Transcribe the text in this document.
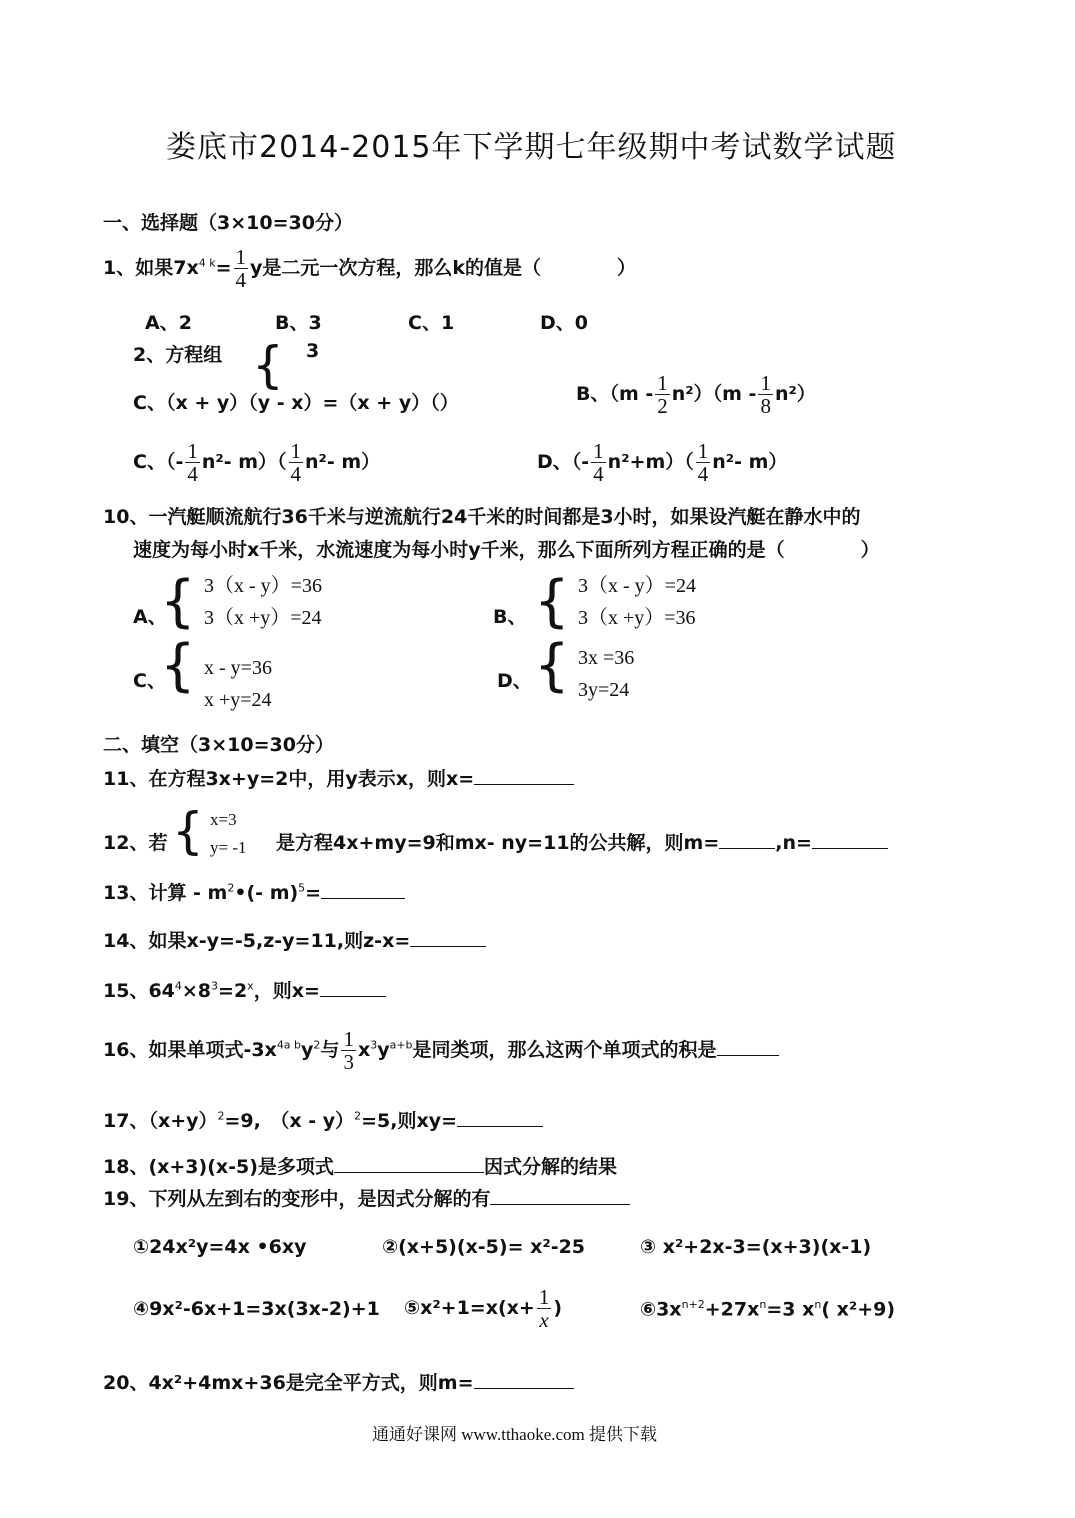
娄底市2014-2015年下学期七年级期中考试数学试题
一、选择题（3×10=30分）
1、如果$7x^{4 k}= \frac{1}{4}$ y是二元一次方程，那么k的值是（　　　　）
A、2	B、3	C、1	D、0
2、方程组 { 3
C、（x + y）（y - x）=（x + y）（）	B、$(m - \frac{1}{2} n^2)(m - \frac{1}{8} n^2)$
C、（- $\frac{1}{4} n^2-$ $m)( \frac{1}{4} n^2-$ m）	D、（- $\frac{1}{4} n^2+m)( \frac{1}{4} n^2-$ m）
10、一汽艇顺流航行36千米与逆流航行24千米的时间都是3小时，如果设汽艇在静水中的
速度为每小时x千米，水流速度为每小时y千米，那么下面所列方程正确的是（　　　　）
A、
{ 3（x - y）=36
3（x +y）=24	B、 { 3（x - y）=24
3（x +y）=36
C、
{ x - y=36
x +y=24
D、 { 3x =36
3y=24
二、填空（3×10=30分）
11、在方程3x+y=2中，用y表示x，则x=
12、若 { x=3
y= -1 是方程4x+my=9和mx- ny=11的公共解，则m=	,n=
13、计算 - $m^2•(-$ m)$^5$=
14、如果x-y=-5,z-y=11,则z-x=
15、$64^4\times 8^3=2^x$，则x=
16、如果单项式$-3x^{4a b}y^2$与 $\frac{1}{3} x^3y^{a+b}$是同类项，那么这两个单项式的积是
17、$(x+y)^2=9$,　（x - y）$^2$=5,则xy=
18、(x+3)(x-5)是多项式	因式分解的结果
19、下列从左到右的变形中，是因式分解的有
①24x²y=4x •6xy	②(x+5)(x-5)= x²-25	③ x²+2x-3=(x+3)(x-1)
④9x²-6x+1=3x(3x-2)+1 ⑤x²+1=x(x+ $\frac{1}{x}$ )	$⑥3x^{n+2}+27x^n=3$ $x^n$( x²+9)
20、4x²+4mx+36是完全平方式，则m=
通通好课网 www.tthaoke.com 提供下载
